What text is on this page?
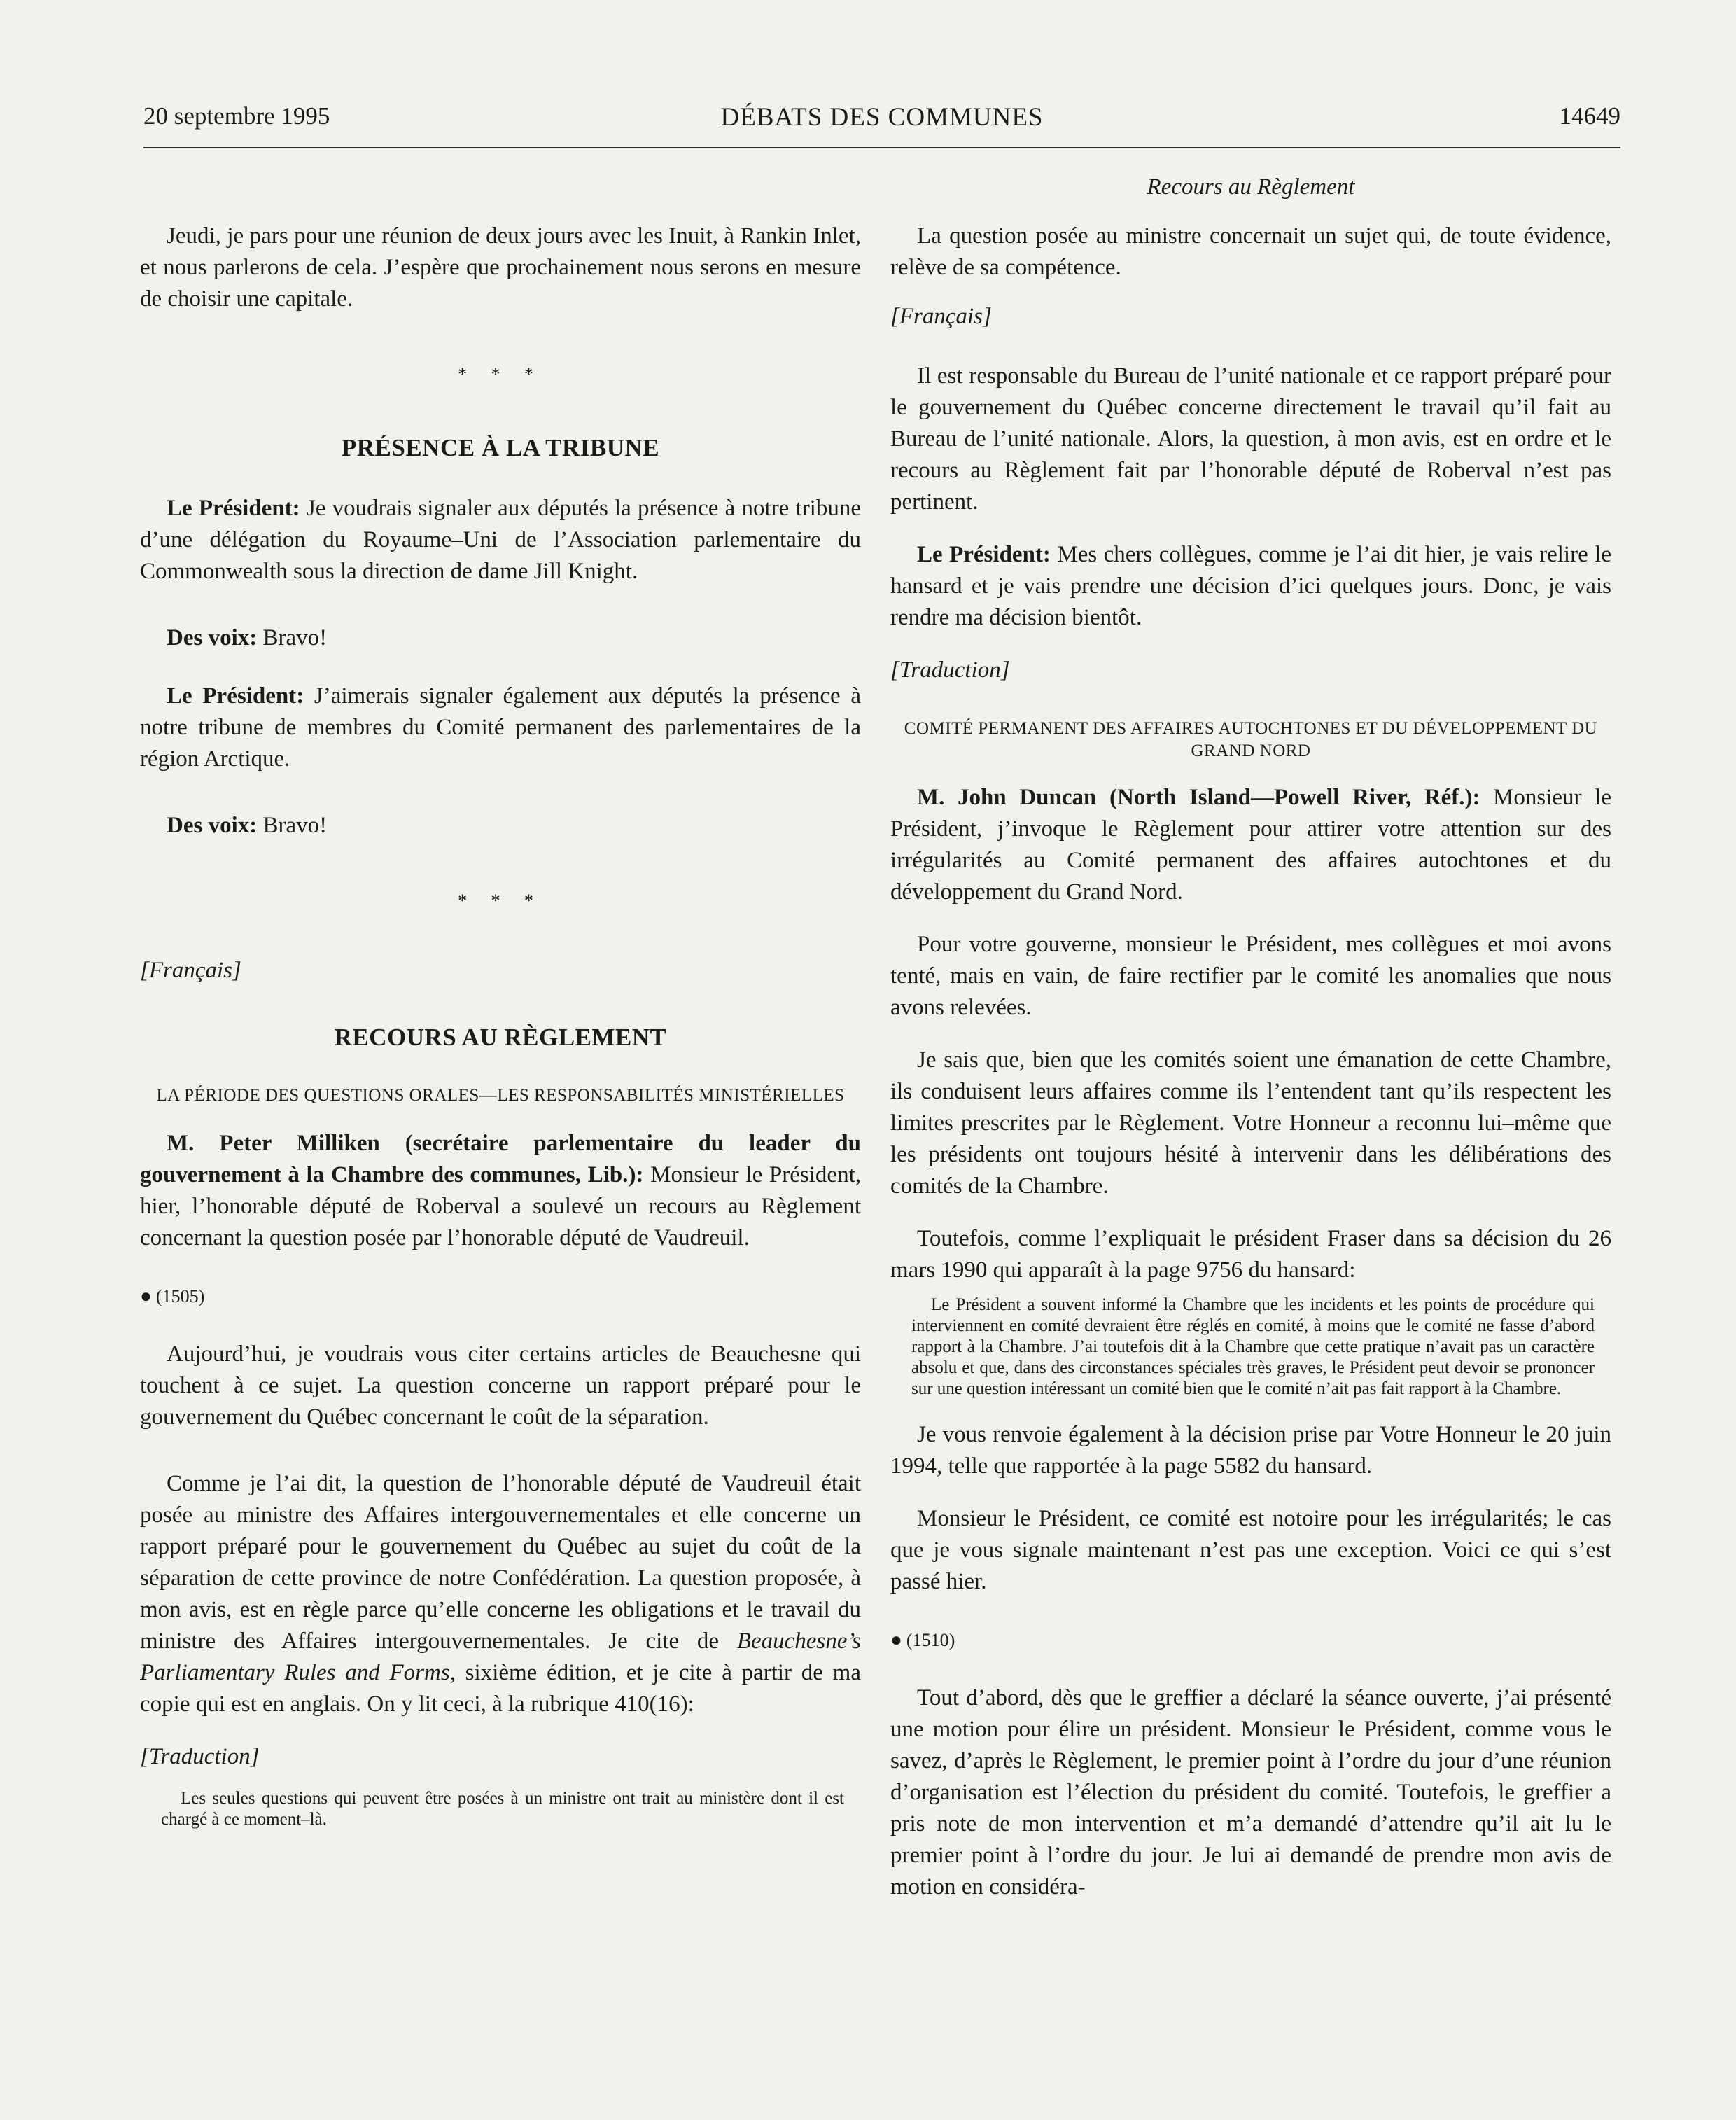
20 septembre 1995	DÉBATS DES COMMUNES	14649

Jeudi, je pars pour une réunion de deux jours avec les Inuit, à Rankin Inlet, et nous parlerons de cela. J’espère que prochainement nous serons en mesure de choisir une capitale.

* * *

PRÉSENCE À LA TRIBUNE

Le Président: Je voudrais signaler aux députés la présence à notre tribune d’une délégation du Royaume–Uni de l’Association parlementaire du Commonwealth sous la direction de dame Jill Knight.

Des voix: Bravo!

Le Président: J’aimerais signaler également aux députés la présence à notre tribune de membres du Comité permanent des parlementaires de la région Arctique.

Des voix: Bravo!

* * *

[Français]

RECOURS AU RÈGLEMENT

LA PÉRIODE DES QUESTIONS ORALES—LES RESPONSABILITÉS MINISTÉRIELLES

M. Peter Milliken (secrétaire parlementaire du leader du gouvernement à la Chambre des communes, Lib.): Monsieur le Président, hier, l’honorable député de Roberval a soulevé un recours au Règlement concernant la question posée par l’honorable député de Vaudreuil.

● (1505)

Aujourd’hui, je voudrais vous citer certains articles de Beauchesne qui touchent à ce sujet. La question concerne un rapport préparé pour le gouvernement du Québec concernant le coût de la séparation.

Comme je l’ai dit, la question de l’honorable député de Vaudreuil était posée au ministre des Affaires intergouvernementales et elle concerne un rapport préparé pour le gouvernement du Québec au sujet du coût de la séparation de cette province de notre Confédération. La question proposée, à mon avis, est en règle parce qu’elle concerne les obligations et le travail du ministre des Affaires intergouvernementales. Je cite de Beauchesne’s Parliamentary Rules and Forms, sixième édition, et je cite à partir de ma copie qui est en anglais. On y lit ceci, à la rubrique 410(16):

[Traduction]

Les seules questions qui peuvent être posées à un ministre ont trait au ministère dont il est chargé à ce moment–là.

Recours au Règlement

La question posée au ministre concernait un sujet qui, de toute évidence, relève de sa compétence.

[Français]

Il est responsable du Bureau de l’unité nationale et ce rapport préparé pour le gouvernement du Québec concerne directement le travail qu’il fait au Bureau de l’unité nationale. Alors, la question, à mon avis, est en ordre et le recours au Règlement fait par l’honorable député de Roberval n’est pas pertinent.

Le Président: Mes chers collègues, comme je l’ai dit hier, je vais relire le hansard et je vais prendre une décision d’ici quelques jours. Donc, je vais rendre ma décision bientôt.

[Traduction]

COMITÉ PERMANENT DES AFFAIRES AUTOCHTONES ET DU DÉVELOPPEMENT DU GRAND NORD

M. John Duncan (North Island—Powell River, Réf.): Monsieur le Président, j’invoque le Règlement pour attirer votre attention sur des irrégularités au Comité permanent des affaires autochtones et du développement du Grand Nord.

Pour votre gouverne, monsieur le Président, mes collègues et moi avons tenté, mais en vain, de faire rectifier par le comité les anomalies que nous avons relevées.

Je sais que, bien que les comités soient une émanation de cette Chambre, ils conduisent leurs affaires comme ils l’entendent tant qu’ils respectent les limites prescrites par le Règlement. Votre Honneur a reconnu lui–même que les présidents ont toujours hésité à intervenir dans les délibérations des comités de la Chambre.

Toutefois, comme l’expliquait le président Fraser dans sa décision du 26 mars 1990 qui apparaît à la page 9756 du hansard:

Le Président a souvent informé la Chambre que les incidents et les points de procédure qui interviennent en comité devraient être réglés en comité, à moins que le comité ne fasse d’abord rapport à la Chambre. J’ai toutefois dit à la Chambre que cette pratique n’avait pas un caractère absolu et que, dans des circonstances spéciales très graves, le Président peut devoir se prononcer sur une question intéressant un comité bien que le comité n’ait pas fait rapport à la Chambre.

Je vous renvoie également à la décision prise par Votre Honneur le 20 juin 1994, telle que rapportée à la page 5582 du hansard.

Monsieur le Président, ce comité est notoire pour les irrégularités; le cas que je vous signale maintenant n’est pas une exception. Voici ce qui s’est passé hier.

● (1510)

Tout d’abord, dès que le greffier a déclaré la séance ouverte, j’ai présenté une motion pour élire un président. Monsieur le Président, comme vous le savez, d’après le Règlement, le premier point à l’ordre du jour d’une réunion d’organisation est l’élection du président du comité. Toutefois, le greffier a pris note de mon intervention et m’a demandé d’attendre qu’il ait lu le premier point à l’ordre du jour. Je lui ai demandé de prendre mon avis de motion en considéra-
